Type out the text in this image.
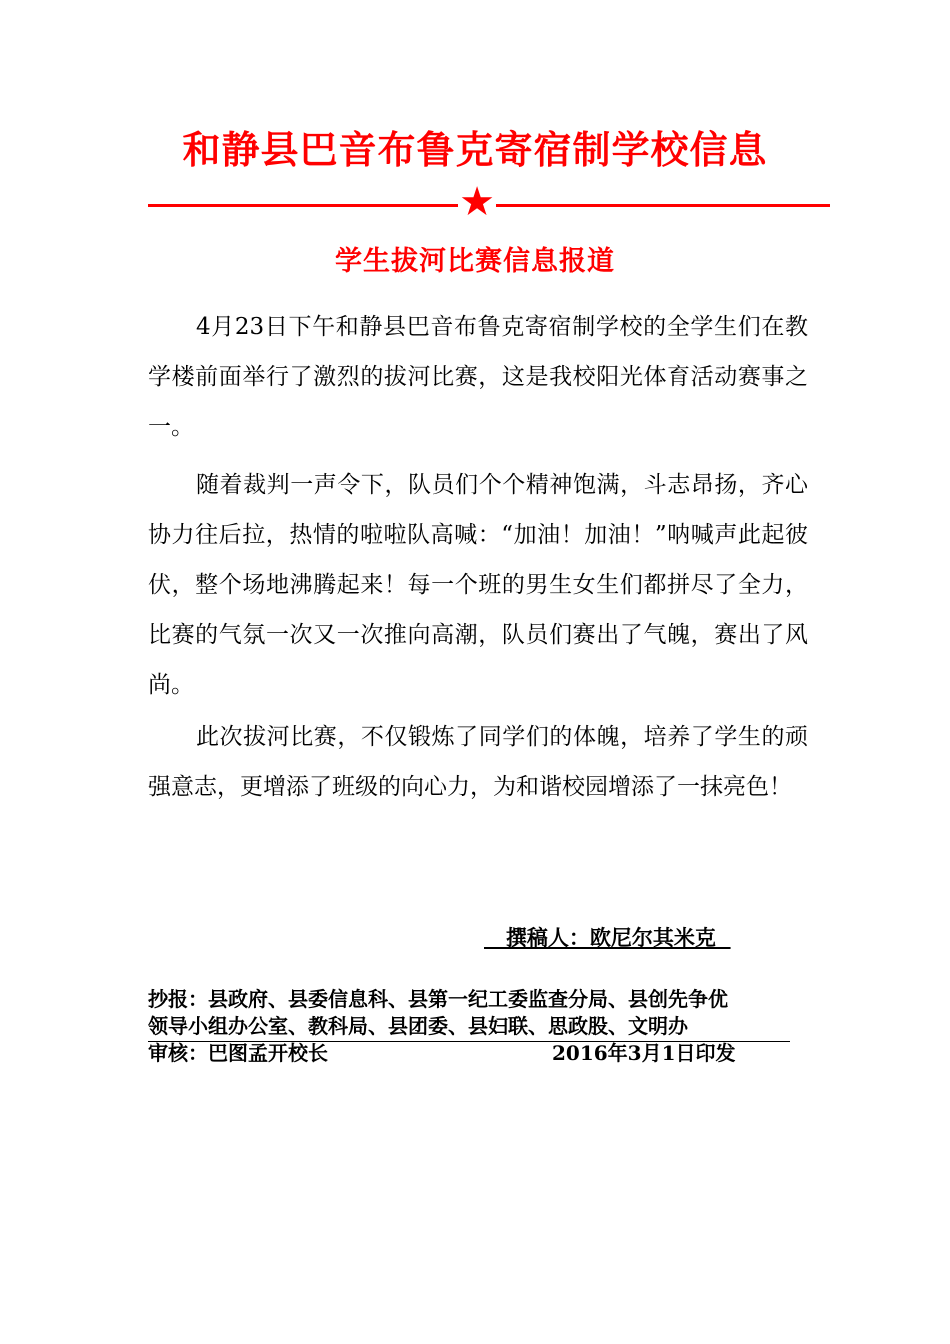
和静县巴音布鲁克寄宿制学校信息
★
学生拔河比赛信息报道

4月23日下午和静县巴音布鲁克寄宿制学校的全学生们在教学楼前面举行了激烈的拔河比赛，这是我校阳光体育活动赛事之一。

随着裁判一声令下，队员们个个精神饱满，斗志昂扬，齐心协力往后拉，热情的啦啦队高喊：“加油！加油！”呐喊声此起彼伏，整个场地沸腾起来！每一个班的男生女生们都拼尽了全力，比赛的气氛一次又一次推向高潮，队员们赛出了气魄，赛出了风尚。

此次拔河比赛，不仅锻炼了同学们的体魄，培养了学生的顽强意志，更增添了班级的向心力，为和谐校园增添了一抹亮色！

撰稿人：欧尼尔其米克
抄报：县政府、县委信息科、县第一纪工委监查分局、县创先争优
领导小组办公室、教科局、县团委、县妇联、思政股、文明办
审核：巴图孟开校长	2016年3月1日印发
